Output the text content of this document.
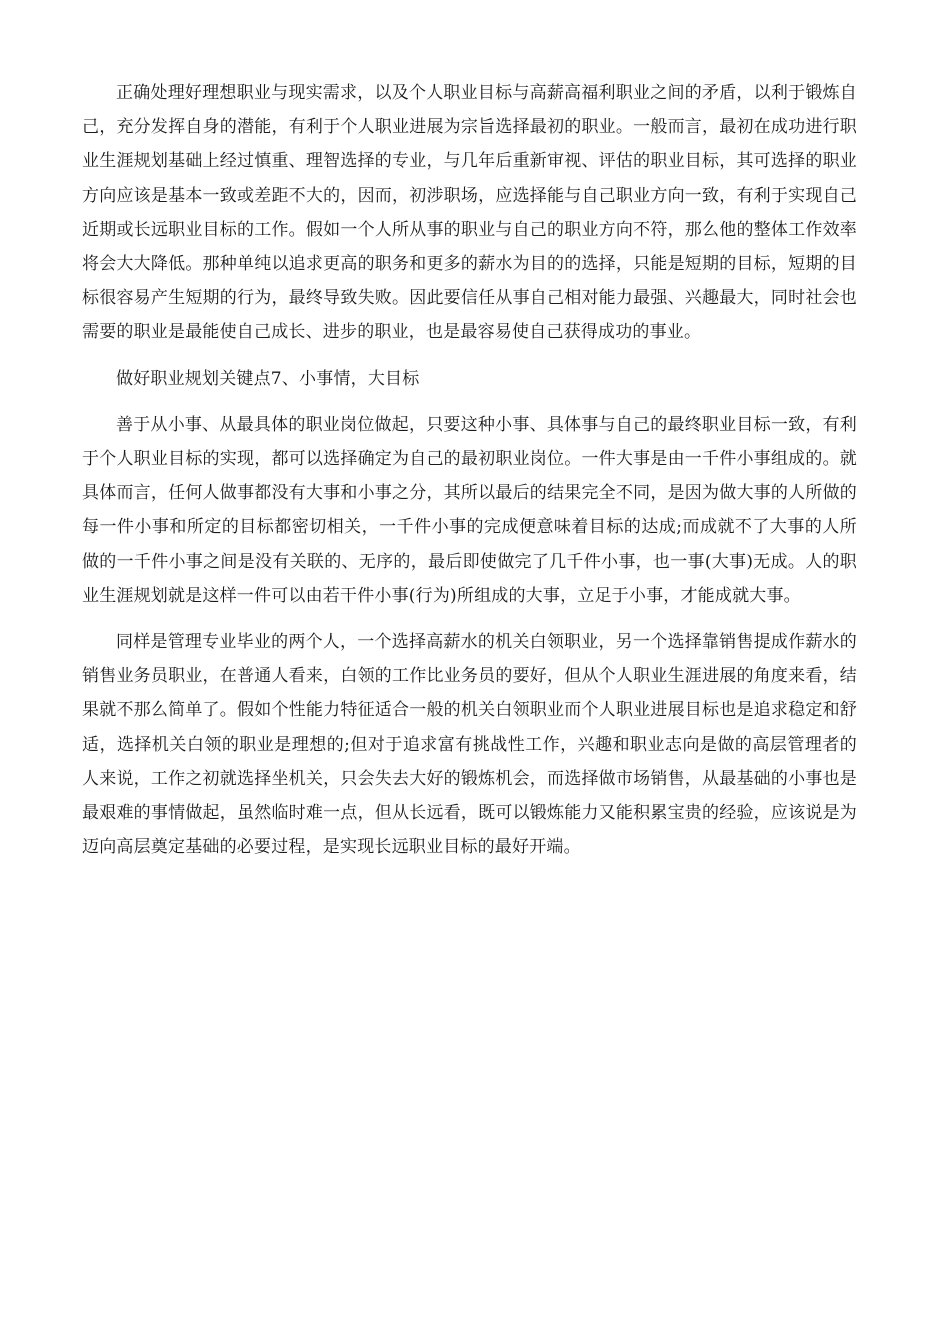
正确处理好理想职业与现实需求，以及个人职业目标与高薪高福利职业之间的矛盾，以利于锻炼自己，充分发挥自身的潜能，有利于个人职业进展为宗旨选择最初的职业。一般而言，最初在成功进行职业生涯规划基础上经过慎重、理智选择的专业，与几年后重新审视、评估的职业目标，其可选择的职业方向应该是基本一致或差距不大的，因而，初涉职场，应选择能与自己职业方向一致，有利于实现自己近期或长远职业目标的工作。假如一个人所从事的职业与自己的职业方向不符，那么他的整体工作效率将会大大降低。那种单纯以追求更高的职务和更多的薪水为目的的选择，只能是短期的目标，短期的目标很容易产生短期的行为，最终导致失败。因此要信任从事自己相对能力最强、兴趣最大，同时社会也需要的职业是最能使自己成长、进步的职业，也是最容易使自己获得成功的事业。

做好职业规划关键点7、小事情，大目标

善于从小事、从最具体的职业岗位做起，只要这种小事、具体事与自己的最终职业目标一致，有利于个人职业目标的实现，都可以选择确定为自己的最初职业岗位。一件大事是由一千件小事组成的。就具体而言，任何人做事都没有大事和小事之分，其所以最后的结果完全不同，是因为做大事的人所做的每一件小事和所定的目标都密切相关，一千件小事的完成便意味着目标的达成;而成就不了大事的人所做的一千件小事之间是没有关联的、无序的，最后即使做完了几千件小事，也一事(大事)无成。人的职业生涯规划就是这样一件可以由若干件小事(行为)所组成的大事，立足于小事，才能成就大事。

同样是管理专业毕业的两个人，一个选择高薪水的机关白领职业，另一个选择靠销售提成作薪水的销售业务员职业，在普通人看来，白领的工作比业务员的要好，但从个人职业生涯进展的角度来看，结果就不那么简单了。假如个性能力特征适合一般的机关白领职业而个人职业进展目标也是追求稳定和舒适，选择机关白领的职业是理想的;但对于追求富有挑战性工作，兴趣和职业志向是做的高层管理者的人来说，工作之初就选择坐机关，只会失去大好的锻炼机会，而选择做市场销售，从最基础的小事也是最艰难的事情做起，虽然临时难一点，但从长远看，既可以锻炼能力又能积累宝贵的经验，应该说是为迈向高层奠定基础的必要过程，是实现长远职业目标的最好开端。
